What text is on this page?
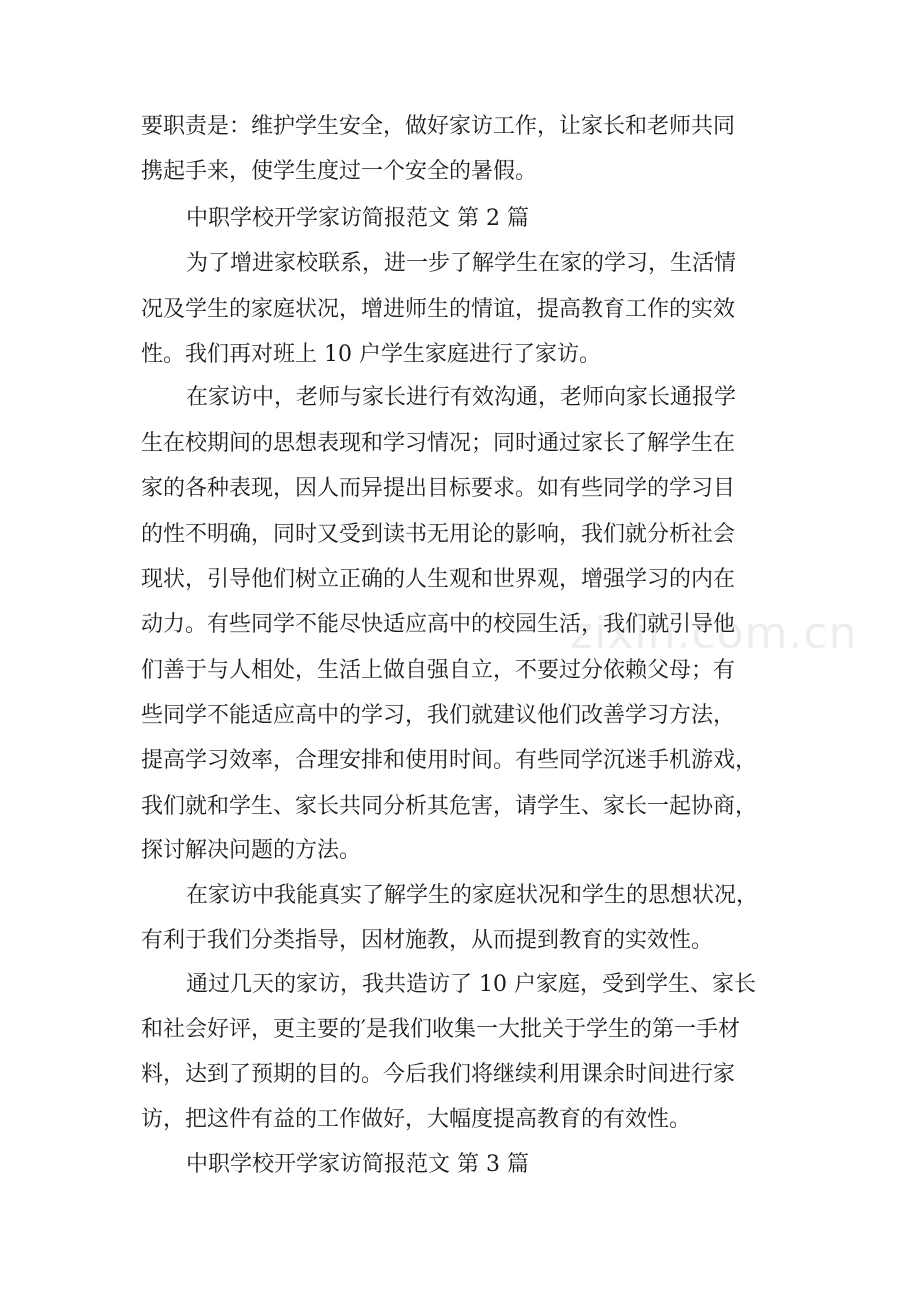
要职责是：维护学生安全，做好家访工作，让家长和老师共同
携起手来，使学生度过一个安全的暑假。
中职学校开学家访简报范文 第 2 篇
为了增进家校联系，进一步了解学生在家的学习，生活情
况及学生的家庭状况，增进师生的情谊，提高教育工作的实效
性。我们再对班上 10 户学生家庭进行了家访。
在家访中，老师与家长进行有效沟通，老师向家长通报学
生在校期间的思想表现和学习情况；同时通过家长了解学生在
家的各种表现，因人而异提出目标要求。如有些同学的学习目
的性不明确，同时又受到读书无用论的影响，我们就分析社会
现状，引导他们树立正确的人生观和世界观，增强学习的内在
动力。有些同学不能尽快适应高中的校园生活，我们就引导他
们善于与人相处，生活上做自强自立，不要过分依赖父母；有
些同学不能适应高中的学习，我们就建议他们改善学习方法，
提高学习效率，合理安排和使用时间。有些同学沉迷手机游戏，
我们就和学生、家长共同分析其危害，请学生、家长一起协商，
探讨解决问题的方法。
在家访中我能真实了解学生的家庭状况和学生的思想状况，
有利于我们分类指导，因材施教，从而提到教育的实效性。
通过几天的家访，我共造访了 10 户家庭，受到学生、家长
和社会好评，更主要的′是我们收集一大批关于学生的第一手材
料，达到了预期的目的。今后我们将继续利用课余时间进行家
访，把这件有益的工作做好，大幅度提高教育的有效性。
中职学校开学家访简报范文 第 3 篇
zixin.com.cn
